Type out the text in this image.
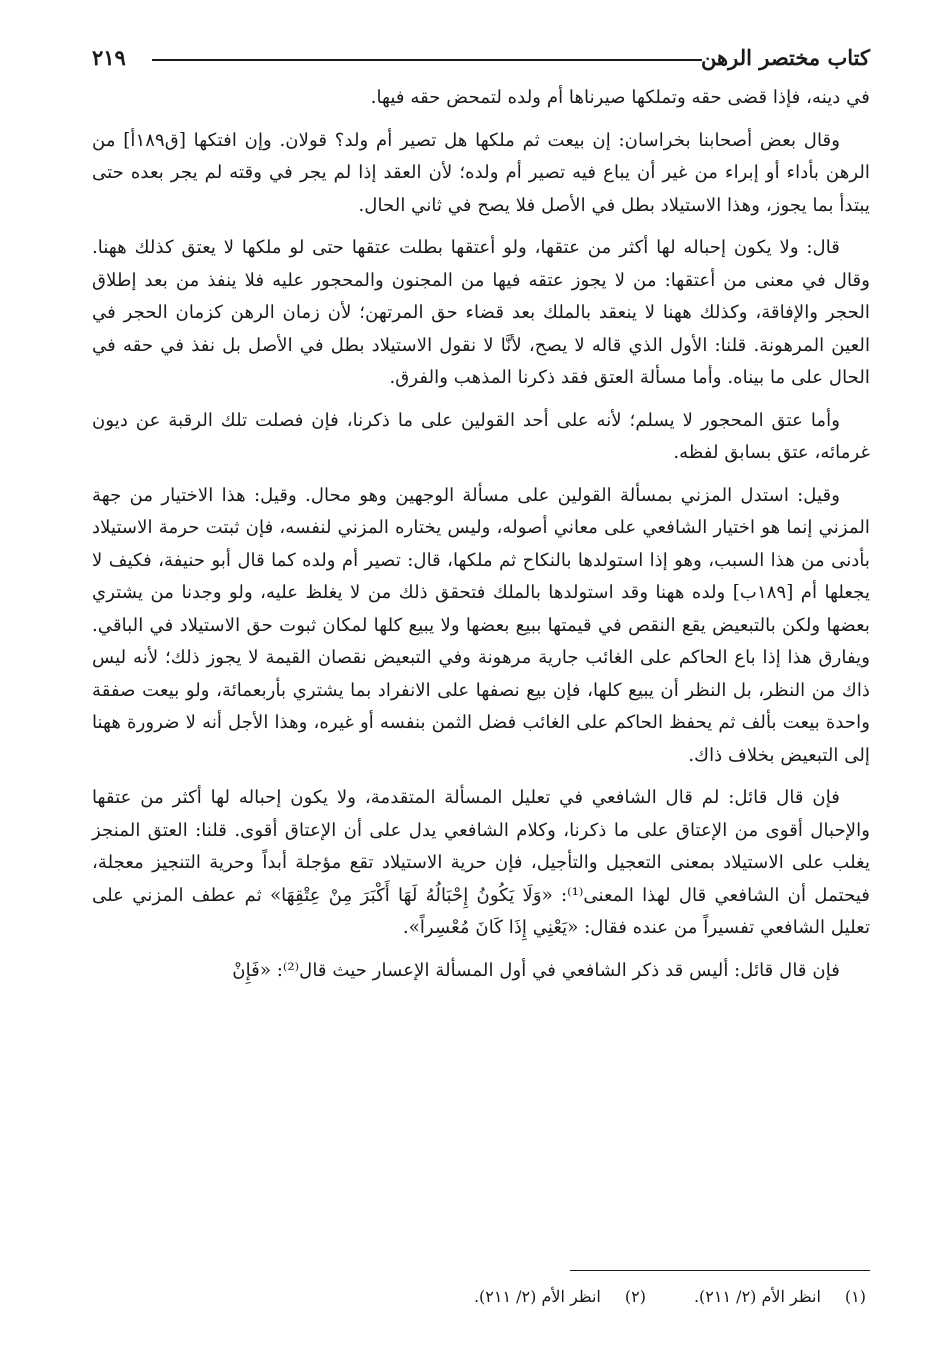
كتاب مختصر الرهن
٢١٩

في دينه، فإذا قضى حقه وتملكها صيرناها أم ولده لتمحض حقه فيها.

وقال بعض أصحابنا بخراسان: إن بيعت ثم ملكها هل تصير أم ولد؟ قولان. وإن افتكها [ق١٨٩أ] من الرهن بأداء أو إبراء من غير أن يباع فيه تصير أم ولده؛ لأن العقد إذا لم يجر في وقته لم يجر بعده حتى يبتدأ بما يجوز، وهذا الاستيلاد بطل في الأصل فلا يصح في ثاني الحال.

قال: ولا يكون إحباله لها أكثر من عتقها، ولو أعتقها بطلت عتقها حتى لو ملكها لا يعتق كذلك ههنا. وقال في معنى من أعتقها: من لا يجوز عتقه فيها من المجنون والمحجور عليه فلا ينفذ من بعد إطلاق الحجر والإفاقة، وكذلك ههنا لا ينعقد بالملك بعد قضاء حق المرتهن؛ لأن زمان الرهن كزمان الحجر في العين المرهونة. قلنا: الأول الذي قاله لا يصح، لأنَّا لا نقول الاستيلاد بطل في الأصل بل نفذ في حقه في الحال على ما بيناه. وأما مسألة العتق فقد ذكرنا المذهب والفرق.

وأما عتق المحجور لا يسلم؛ لأنه على أحد القولين على ما ذكرنا، فإن فصلت تلك الرقبة عن ديون غرمائه، عتق بسابق لفظه.

وقيل: استدل المزني بمسألة القولين على مسألة الوجهين وهو محال. وقيل: هذا الاختيار من جهة المزني إنما هو اختيار الشافعي على معاني أصوله، وليس يختاره المزني لنفسه، فإن ثبتت حرمة الاستيلاد بأدنى من هذا السبب، وهو إذا استولدها بالنكاح ثم ملكها، قال: تصير أم ولده كما قال أبو حنيفة، فكيف لا يجعلها أم [١٨٩ب] ولده ههنا وقد استولدها بالملك فتحقق ذلك من لا يغلظ عليه، ولو وجدنا من يشتري بعضها ولكن بالتبعيض يقع النقص في قيمتها ببيع بعضها ولا يبيع كلها لمكان ثبوت حق الاستيلاد في الباقي. ويفارق هذا إذا باع الحاكم على الغائب جارية مرهونة وفي التبعيض نقصان القيمة لا يجوز ذلك؛ لأنه ليس ذاك من النظر، بل النظر أن يبيع كلها، فإن بيع نصفها على الانفراد بما يشتري بأربعمائة، ولو بيعت صفقة واحدة بيعت بألف ثم يحفظ الحاكم على الغائب فضل الثمن بنفسه أو غيره، وهذا الأجل أنه لا ضرورة ههنا إلى التبعيض بخلاف ذاك.

فإن قال قائل: لم قال الشافعي في تعليل المسألة المتقدمة، ولا يكون إحباله لها أكثر من عتقها والإحبال أقوى من الإعتاق على ما ذكرنا، وكلام الشافعي يدل على أن الإعتاق أقوى. قلنا: العتق المنجز يغلب على الاستيلاد بمعنى التعجيل والتأجيل، فإن حرية الاستيلاد تقع مؤجلة أبداً وحرية التنجيز معجلة، فيحتمل أن الشافعي قال لهذا المعنى⁽¹⁾: «وَلَا يَكُونُ إِحْبَالُهُ لَهَا أَكْبَرَ مِنْ عِتْقِهَا» ثم عطف المزني على تعليل الشافعي تفسيراً من عنده فقال: «يَعْنِي إِذَا كَانَ مُعْسِراً».

فإن قال قائل: أليس قد ذكر الشافعي في أول المسألة الإعسار حيث قال⁽²⁾: «فَإِنْ

(١)
انظر الأم (٢/ ٢١١).
(٢)
انظر الأم (٢/ ٢١١).
